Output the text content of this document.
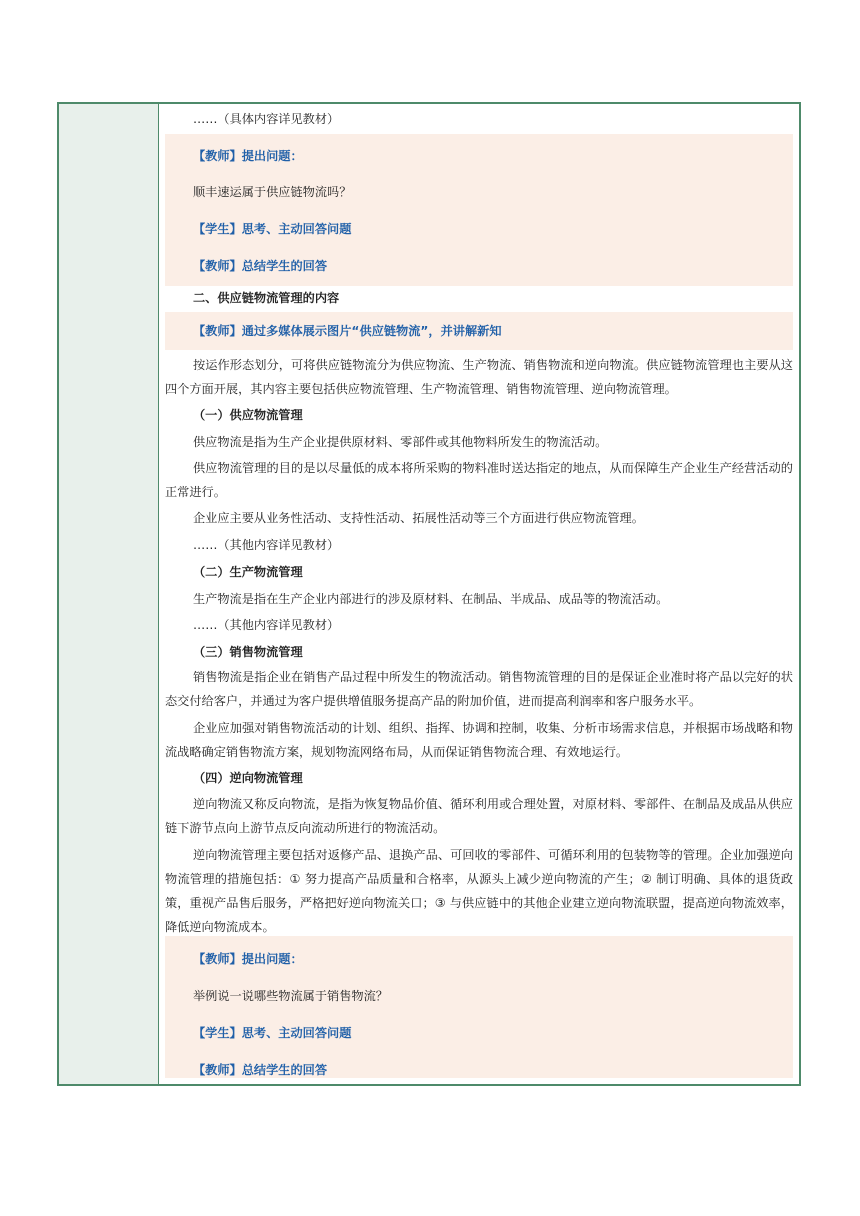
……（具体内容详见教材）
【教师】提出问题：
顺丰速运属于供应链物流吗？
【学生】思考、主动回答问题
【教师】总结学生的回答
二、供应链物流管理的内容
【教师】通过多媒体展示图片“供应链物流”，并讲解新知
按运作形态划分，可将供应链物流分为供应物流、生产物流、销售物流和逆向物流。供应链物流管理也主要从这四个方面开展，其内容主要包括供应物流管理、生产物流管理、销售物流管理、逆向物流管理。
（一）供应物流管理
供应物流是指为生产企业提供原材料、零部件或其他物料所发生的物流活动。
供应物流管理的目的是以尽量低的成本将所采购的物料准时送达指定的地点，从而保障生产企业生产经营活动的正常进行。
企业应主要从业务性活动、支持性活动、拓展性活动等三个方面进行供应物流管理。
……（其他内容详见教材）
（二）生产物流管理
生产物流是指在生产企业内部进行的涉及原材料、在制品、半成品、成品等的物流活动。
……（其他内容详见教材）
（三）销售物流管理
销售物流是指企业在销售产品过程中所发生的物流活动。销售物流管理的目的是保证企业准时将产品以完好的状态交付给客户，并通过为客户提供增值服务提高产品的附加价值，进而提高利润率和客户服务水平。
企业应加强对销售物流活动的计划、组织、指挥、协调和控制，收集、分析市场需求信息，并根据市场战略和物流战略确定销售物流方案，规划物流网络布局，从而保证销售物流合理、有效地运行。
（四）逆向物流管理
逆向物流又称反向物流，是指为恢复物品价值、循环利用或合理处置，对原材料、零部件、在制品及成品从供应链下游节点向上游节点反向流动所进行的物流活动。
逆向物流管理主要包括对返修产品、退换产品、可回收的零部件、可循环利用的包装物等的管理。企业加强逆向物流管理的措施包括：① 努力提高产品质量和合格率，从源头上减少逆向物流的产生；② 制订明确、具体的退货政策，重视产品售后服务，严格把好逆向物流关口；③ 与供应链中的其他企业建立逆向物流联盟，提高逆向物流效率，降低逆向物流成本。
【教师】提出问题：
举例说一说哪些物流属于销售物流？
【学生】思考、主动回答问题
【教师】总结学生的回答
